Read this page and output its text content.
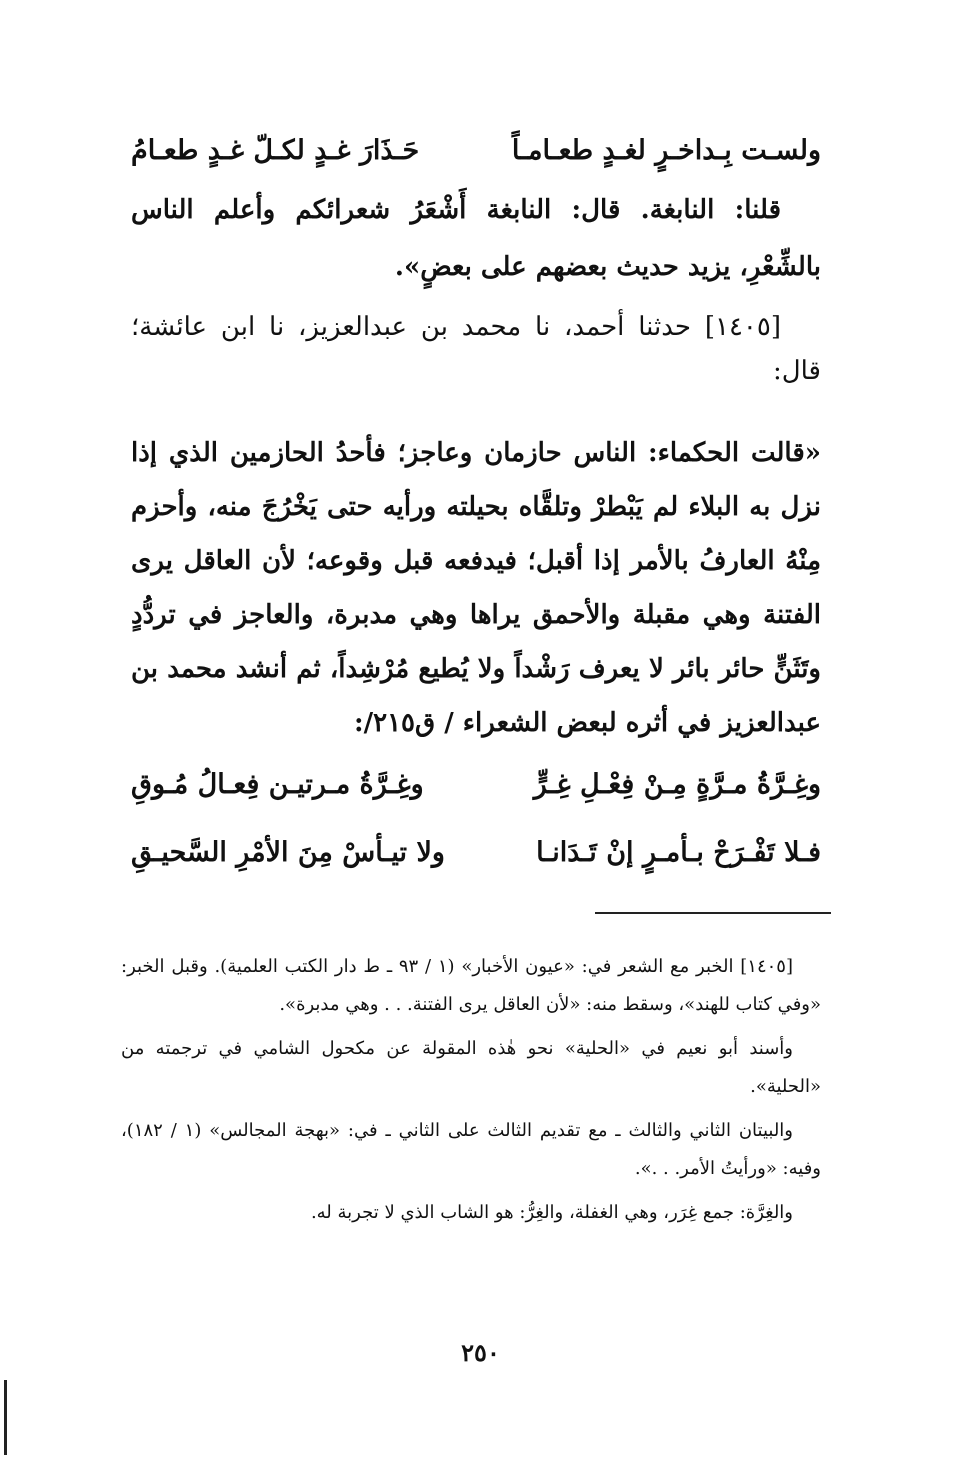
ولسـت بِـداخـرٍ لغـدٍ طعـامـاً
حَـذَارَ غـدٍ لكـلّ غـدٍ طعـامُ

قلنا: النابغة. قال: النابغة أَشْعَرُ شعرائكم وأعلم الناس بالشِّعْرِ، يزيد حديث بعضهم على بعضٍ».

[١٤٠٥] حدثنا أحمد، نا محمد بن عبدالعزيز، نا ابن عائشة؛ قال:

«قالت الحكماء: الناس حازمان وعاجز؛ فأحدُ الحازمين الذي إذا نزل به البلاء لم يَبْطرْ وتلقَّاه بحيلته ورأيه حتى يَخْرُجَ منه، وأحزم مِنْهُ العارفُ بالأمر إذا أقبل؛ فيدفعه قبل وقوعه؛ لأن العاقل يرى الفتنة وهي مقبلة والأحمق يراها وهي مدبرة، والعاجز في تردُّدٍ وتَثَنٍّ حائر بائر لا يعرف رَشْداً ولا يُطيع مُرْشِداً، ثم أنشد محمد بن عبدالعزيز في أثره لبعض الشعراء / ق٢١٥/:

وغِـرَّةُ مـرَّةٍ مِـنْ فِعْـلِ غِـرٍّ
وغِـرَّةُ مـرتيـن فِعـالُ مُـوقِ
فـلا تَفْـرَحْ بـأمـرٍ إنْ تَـدَانـا
ولا تيـأسْ مِنَ الأمْرِ السَّحيـقِ

[١٤٠٥] الخبر مع الشعر في: «عيون الأخبار» (١ / ٩٣ ـ ط دار الكتب العلمية). وقبل الخبر: «وفي كتاب للهند»، وسقط منه: «لأن العاقل يرى الفتنة. . . وهي مدبرة».

وأسند أبو نعيم في «الحلية» نحو هٰذه المقولة عن مكحول الشامي في ترجمته من «الحلية».

والبيتان الثاني والثالث ـ مع تقديم الثالث على الثاني ـ في: «بهجة المجالس» (١ / ١٨٢)، وفيه: «ورأيتُ الأمر. . .».

والغِرَّة: جمع غِرَر، وهي الغفلة، والغِرُّ: هو الشاب الذي لا تجربة له.

٢٥٠
